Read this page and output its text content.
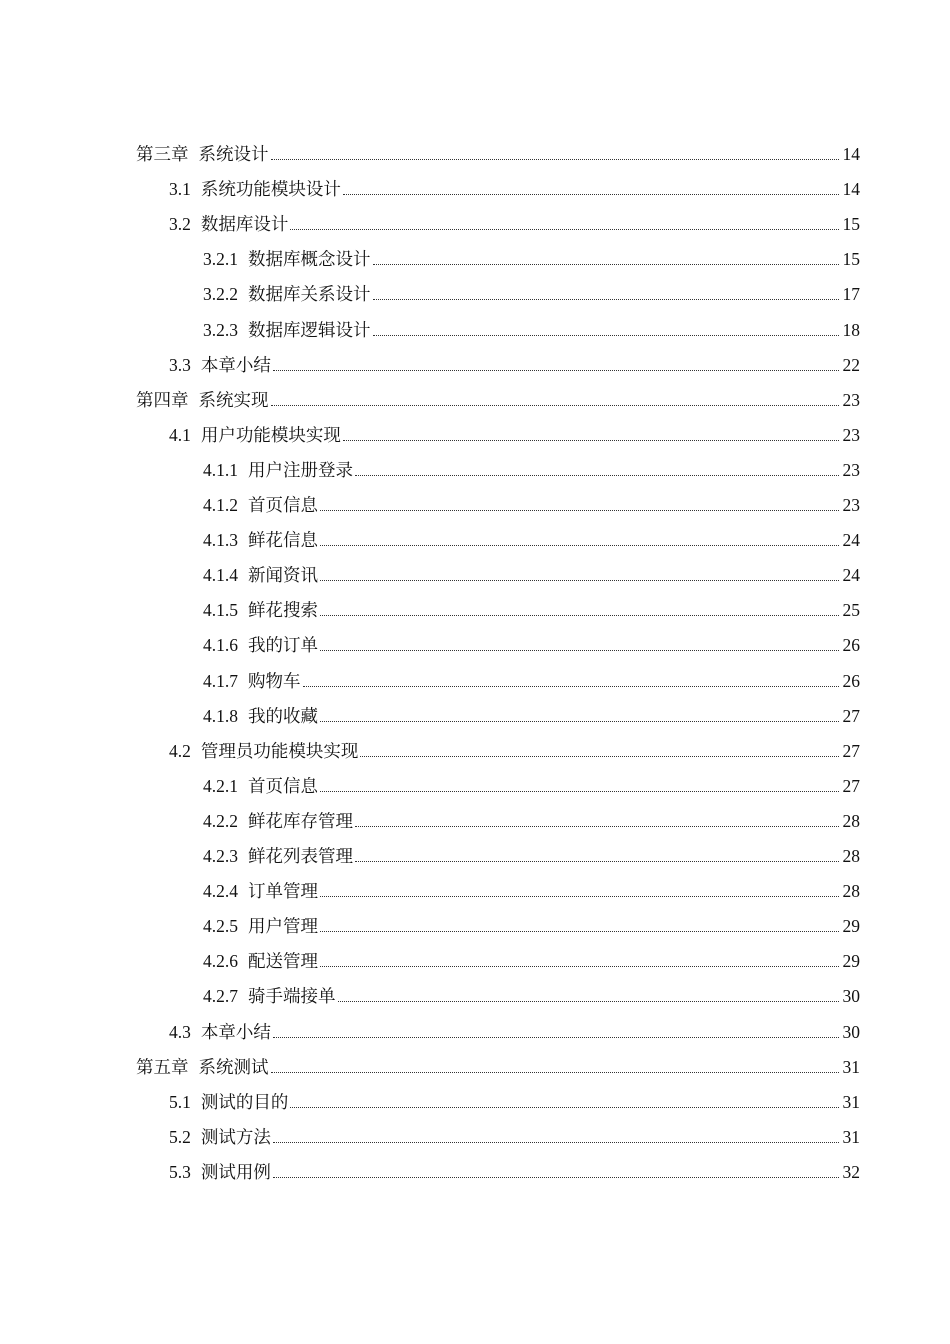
第三章 系统设计	14
3.1 系统功能模块设计	14
3.2 数据库设计	15
3.2.1 数据库概念设计	15
3.2.2 数据库关系设计	17
3.2.3 数据库逻辑设计	18
3.3 本章小结	22
第四章 系统实现	23
4.1 用户功能模块实现	23
4.1.1 用户注册登录	23
4.1.2 首页信息	23
4.1.3 鲜花信息	24
4.1.4 新闻资讯	24
4.1.5 鲜花搜索	25
4.1.6 我的订单	26
4.1.7 购物车	26
4.1.8 我的收藏	27
4.2 管理员功能模块实现	27
4.2.1 首页信息	27
4.2.2 鲜花库存管理	28
4.2.3 鲜花列表管理	28
4.2.4 订单管理	28
4.2.5 用户管理	29
4.2.6 配送管理	29
4.2.7 骑手端接单	30
4.3 本章小结	30
第五章 系统测试	31
5.1 测试的目的	31
5.2 测试方法	31
5.3 测试用例	32
